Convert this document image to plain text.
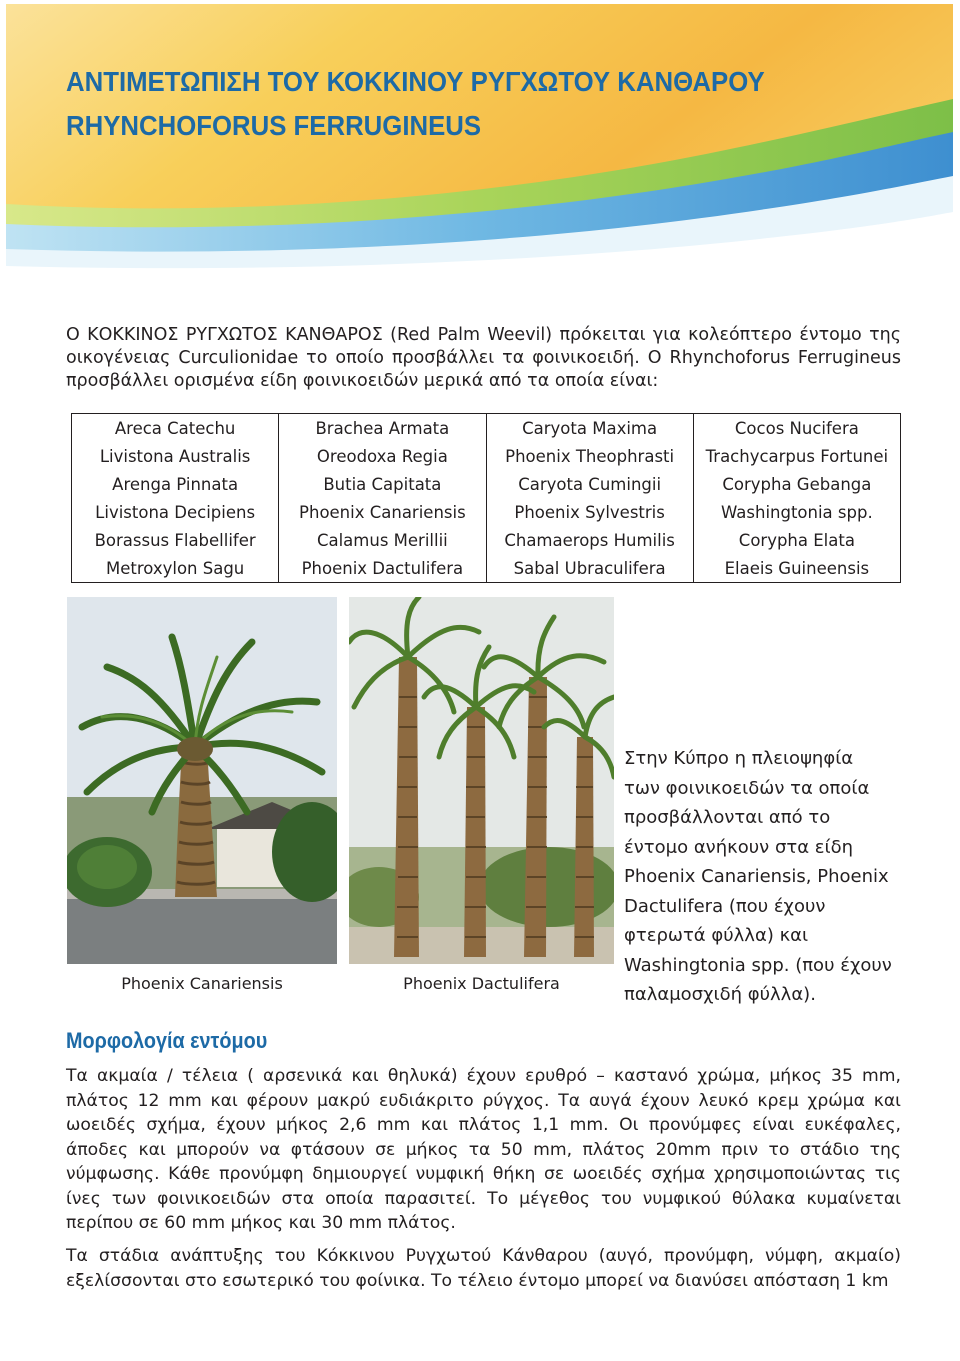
ΑΝΤΙΜΕΤΩΠΙΣΗ ΤΟΥ ΚΟΚΚΙΝΟΥ ΡΥΓΧΩΤΟΥ ΚΑΝΘΑΡΟΥ
RHYNCHOFORUS FERRUGINEUS

Ο ΚΟΚΚΙΝΟΣ ΡΥΓΧΩΤΟΣ ΚΑΝΘΑΡΟΣ (Red Palm Weevil) πρόκειται για κολεόπτερο έντομο της οικογένειας Curculionidae το οποίο προσβάλλει τα φοινικοειδή. Ο Rhynchoforus Ferrugineus προσβάλλει ορισμένα είδη φοινικοειδών μερικά από τα οποία είναι:

Areca Catechu	Brachea Armata	Caryota Maxima	Cocos Nucifera
Livistona Australis	Oreodoxa Regia	Phoenix Theophrasti	Trachycarpus Fortunei
Arenga Pinnata	Butia Capitata	Caryota Cumingii	Corypha Gebanga
Livistona Decipiens	Phoenix Canariensis	Phoenix Sylvestris	Washingtonia spp.
Borassus Flabellifer	Calamus Merillii	Chamaerops Humilis	Corypha Elata
Metroxylon Sagu	Phoenix Dactulifera	Sabal Ubraculifera	Elaeis Guineensis
Phoenix Canariensis	Phoenix Dactulifera

Στην Κύπρο η πλειοψηφία των φοινικοειδών τα οποία προσβάλλονται από το έντομο ανήκουν στα είδη Phoenix Canariensis, Phoenix Dactulifera (που έχουν φτερωτά φύλλα) και Washingtonia spp. (που έχουν παλαμοσχιδή φύλλα).

Μορφολογία εντόμου

Τα ακμαία / τέλεια ( αρσενικά και θηλυκά) έχουν ερυθρό – καστανό χρώμα, μήκος 35 mm, πλάτος 12 mm και φέρουν μακρύ ευδιάκριτο ρύγχος. Τα αυγά έχουν λευκό κρεμ χρώμα και ωοειδές σχήμα, έχουν μήκος 2,6 mm και πλάτος 1,1 mm. Οι προνύμφες είναι ευκέφαλες, άποδες και μπορούν να φτάσουν σε μήκος τα 50 mm, πλάτος 20mm πριν το στάδιο της νύμφωσης. Κάθε προνύμφη δημιουργεί νυμφική θήκη σε ωοειδές σχήμα χρησιμοποιώντας τις ίνες των φοινικοειδών στα οποία παρασιτεί. Το μέγεθος του νυμφικού θύλακα κυμαίνεται περίπου σε 60 mm μήκος και 30 mm πλάτος.

Τα στάδια ανάπτυξης του Κόκκινου Ρυγχωτού Κάνθαρου (αυγό, προνύμφη, νύμφη, ακμαίο) εξελίσσονται στο εσωτερικό του φοίνικα. Το τέλειο έντομο μπορεί να διανύσει απόσταση 1 km
